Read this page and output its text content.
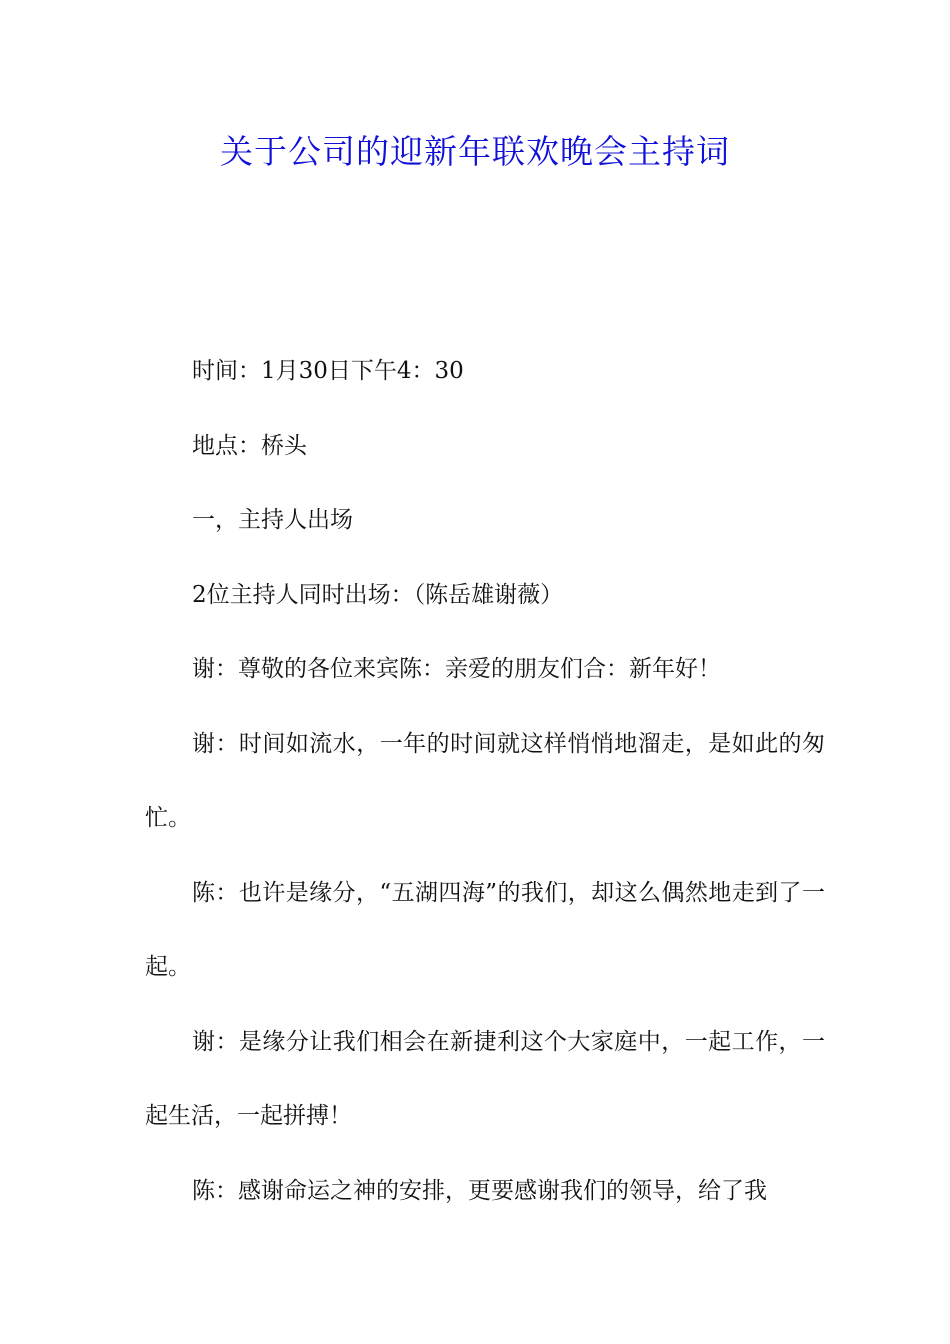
关于公司的迎新年联欢晚会主持词

时间：1月30日下午4：30

地点：桥头

一，主持人出场

2位主持人同时出场：（陈岳雄谢薇）

谢：尊敬的各位来宾陈：亲爱的朋友们合：新年好！

谢：时间如流水，一年的时间就这样悄悄地溜走，是如此的匆忙。

陈：也许是缘分，“五湖四海”的我们，却这么偶然地走到了一起。

谢：是缘分让我们相会在新捷利这个大家庭中，一起工作，一起生活，一起拼搏！

陈：感谢命运之神的安排，更要感谢我们的领导，给了我
